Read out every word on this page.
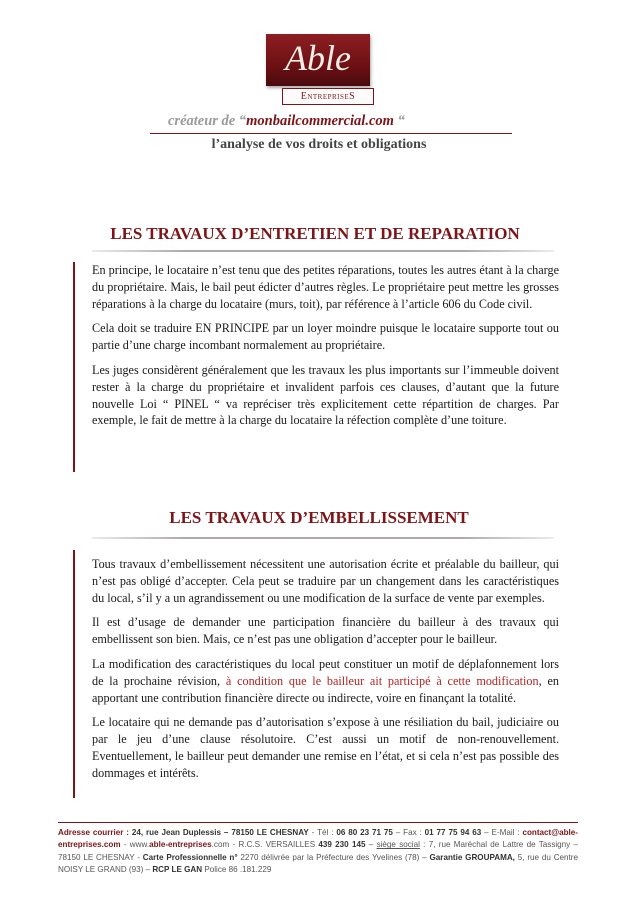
Able
EntrepriseS
créateur de “monbailcommercial.com “
l’analyse de vos droits et obligations
LES TRAVAUX D’ENTRETIEN ET DE REPARATION

En principe, le locataire n’est tenu que des petites réparations, toutes les autres étant à la charge du propriétaire. Mais, le bail peut édicter d’autres règles. Le propriétaire peut mettre les grosses réparations à la charge du locataire (murs, toit), par référence à l’article 606 du Code civil.

Cela doit se traduire EN PRINCIPE par un loyer moindre puisque le locataire supporte tout ou partie d’une charge incombant normalement au propriétaire.

Les juges considèrent généralement que les travaux les plus importants sur l’immeuble doivent rester à la charge du propriétaire et invalident parfois ces clauses, d’autant que la future nouvelle Loi “ PINEL “ va repréciser très explicitement cette répartition de charges. Par exemple, le fait de mettre à la charge du locataire la réfection complète d’une toiture.

LES TRAVAUX D’EMBELLISSEMENT

Tous travaux d’embellissement nécessitent une autorisation écrite et préalable du bailleur, qui n’est pas obligé d’accepter. Cela peut se traduire par un changement dans les caractéristiques du local, s’il y a un agrandissement ou une modification de la surface de vente par exemples.

Il est d’usage de demander une participation financière du bailleur à des travaux qui embellissent son bien. Mais, ce n’est pas une obligation d’accepter pour le bailleur.

La modification des caractéristiques du local peut constituer un motif de déplafonnement lors de la prochaine révision, à condition que le bailleur ait participé à cette modification, en apportant une contribution financière directe ou indirecte, voire en finançant la totalité.

Le locataire qui ne demande pas d’autorisation s’expose à une résiliation du bail, judiciaire ou par le jeu d’une clause résolutoire. C’est aussi un motif de non-renouvellement. Eventuellement, le bailleur peut demander une remise en l’état, et si cela n’est pas possible des dommages et intérêts.

Adresse courrier : 24, rue Jean Duplessis – 78150 LE CHESNAY - Tél : 06 80 23 71 75 – Fax : 01 77 75 94 63 – E-Mail : contact@able-entreprises.com - www.able-entreprises.com - R.C.S. VERSAILLES 439 230 145 – siège social : 7, rue Maréchal de Lattre de Tassigny – 78150 LE CHESNAY - Carte Professionnelle n° 2270 délivrée par la Préfecture des Yvelines (78) – Garantie GROUPAMA, 5, rue du Centre NOISY LE GRAND (93) – RCP LE GAN Police 86 .181.229
